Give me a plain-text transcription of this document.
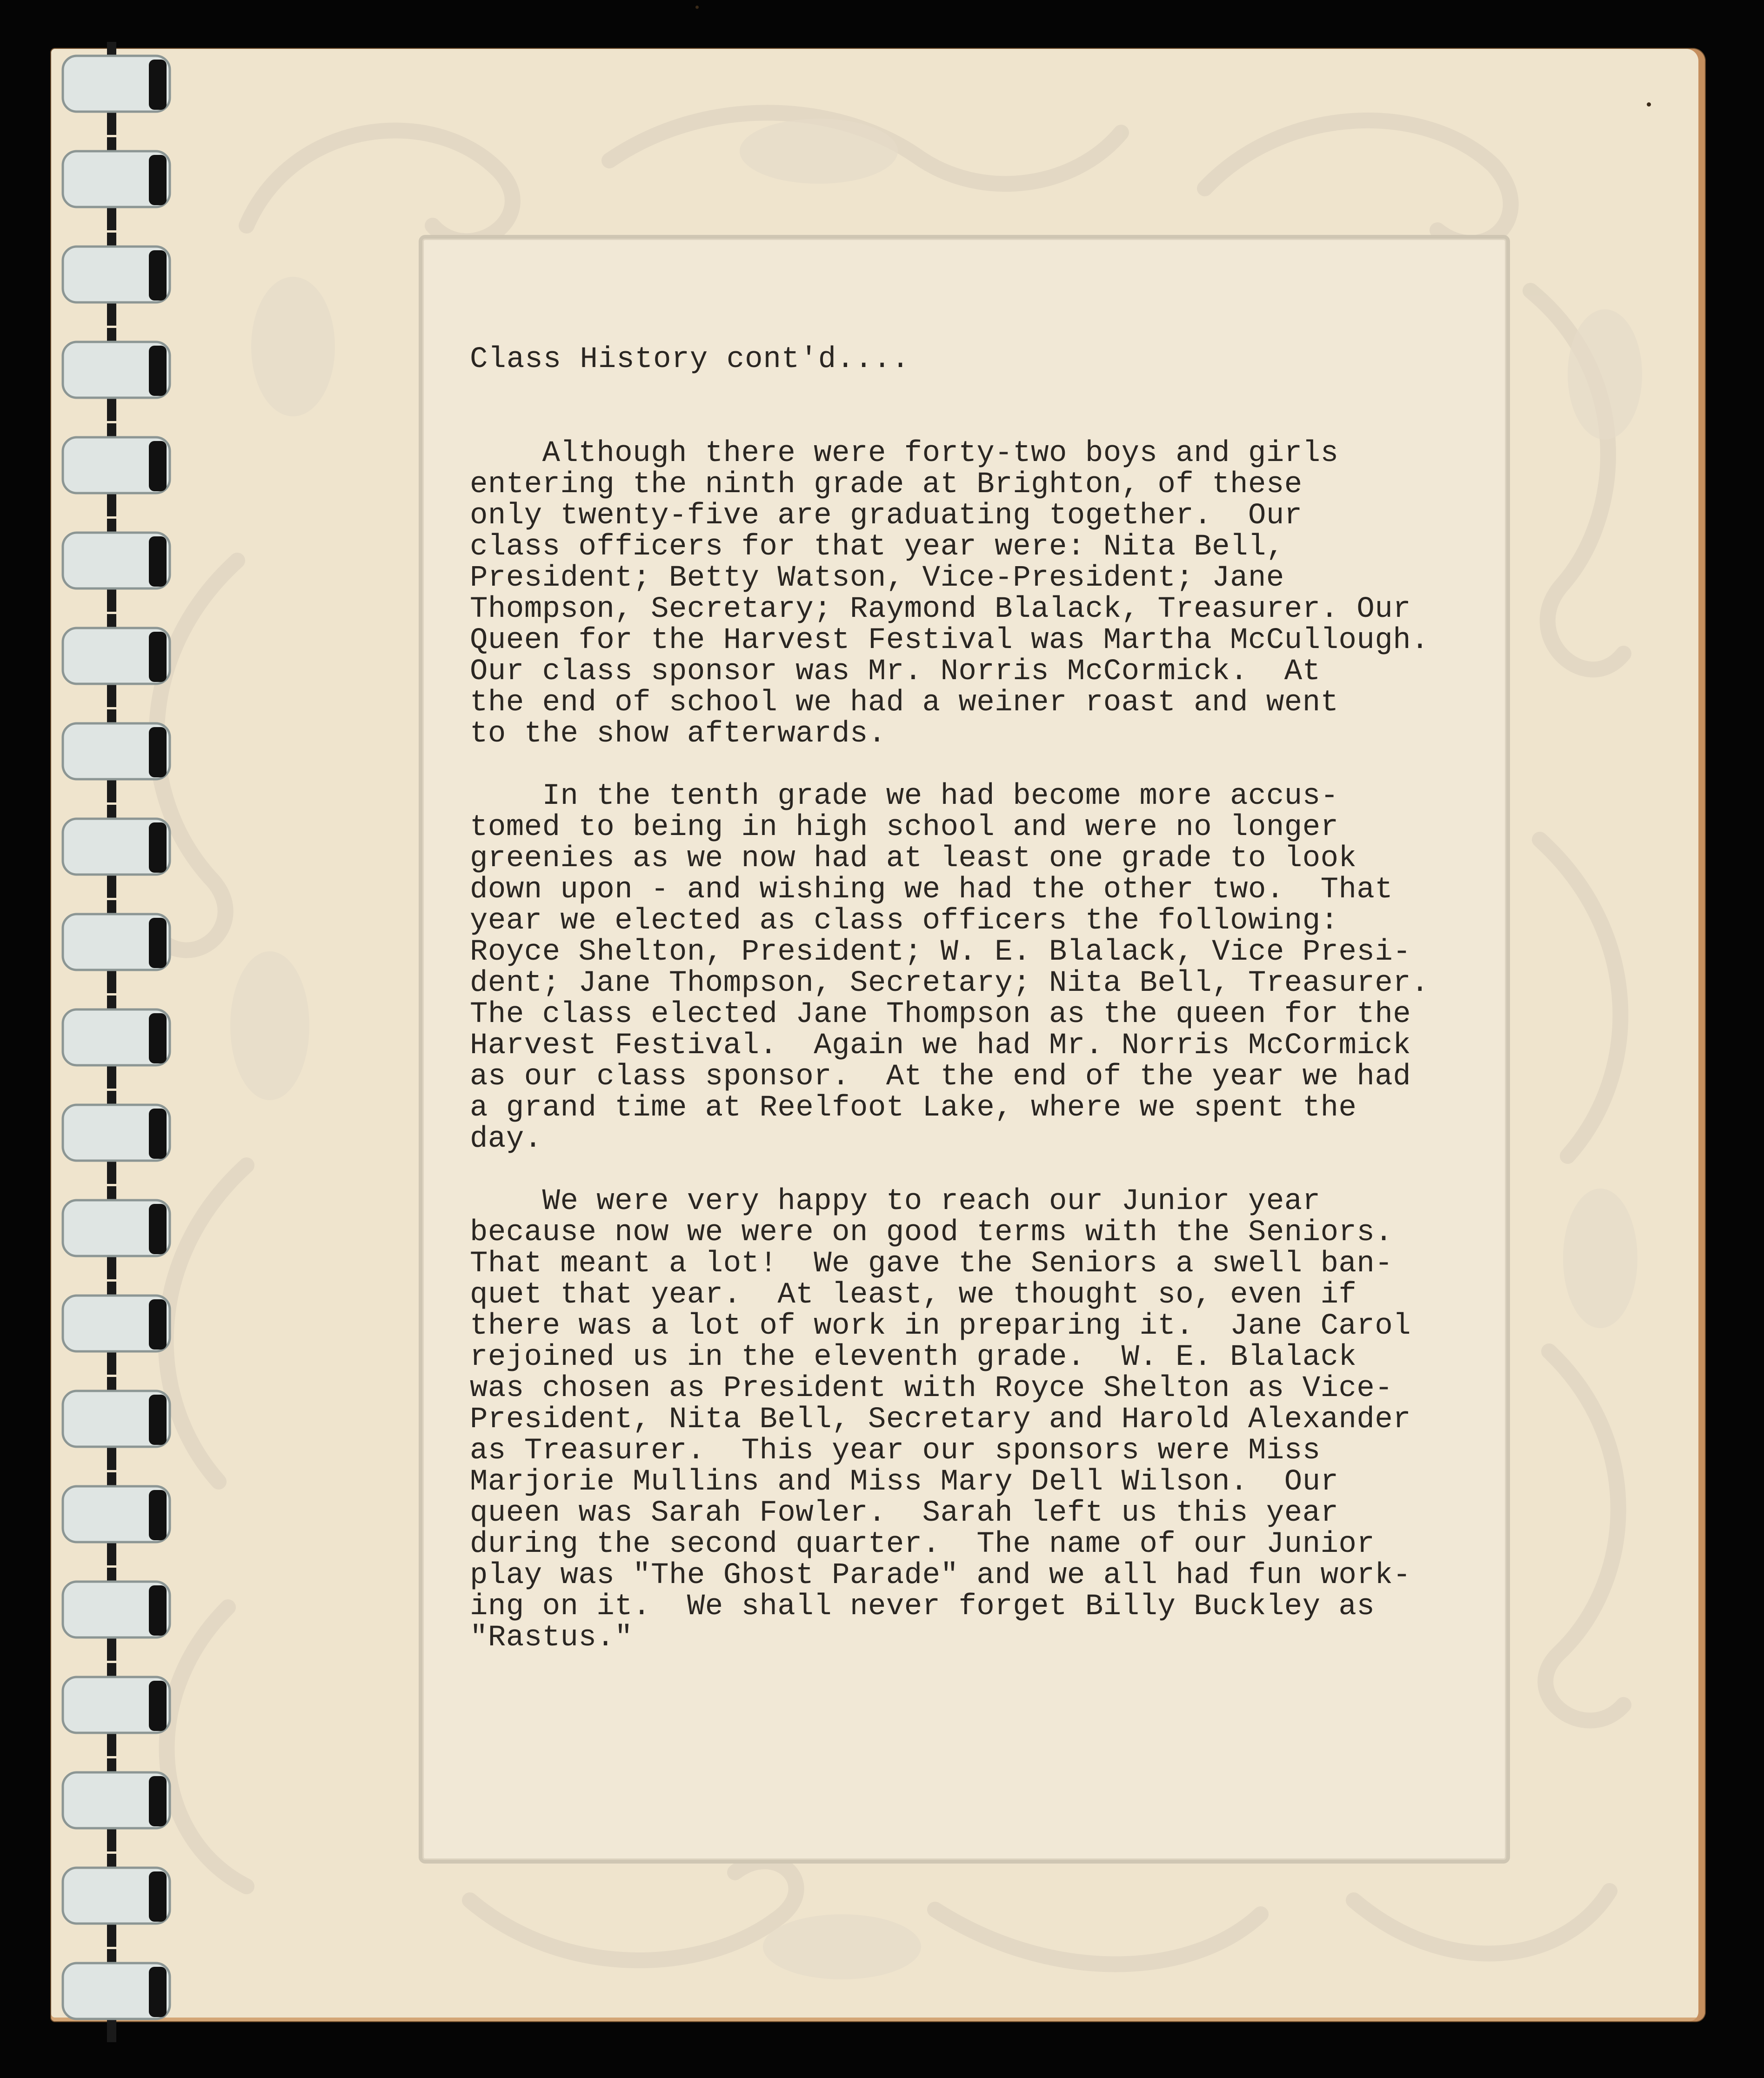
Class History cont'd....
Although there were forty-two boys and girls
entering the ninth grade at Brighton, of these
only twenty-five are graduating together.  Our
class officers for that year were: Nita Bell,
President; Betty Watson, Vice-President; Jane
Thompson, Secretary; Raymond Blalack, Treasurer. Our
Queen for the Harvest Festival was Martha McCullough.
Our class sponsor was Mr. Norris McCormick.  At
the end of school we had a weiner roast and went
to the show afterwards.
In the tenth grade we had become more accus-
tomed to being in high school and were no longer
greenies as we now had at least one grade to look
down upon - and wishing we had the other two.  That
year we elected as class officers the following:
Royce Shelton, President; W. E. Blalack, Vice Presi-
dent; Jane Thompson, Secretary; Nita Bell, Treasurer.
The class elected Jane Thompson as the queen for the
Harvest Festival.  Again we had Mr. Norris McCormick
as our class sponsor.  At the end of the year we had
a grand time at Reelfoot Lake, where we spent the
day.
We were very happy to reach our Junior year
because now we were on good terms with the Seniors.
That meant a lot!  We gave the Seniors a swell ban-
quet that year.  At least, we thought so, even if
there was a lot of work in preparing it.  Jane Carol
rejoined us in the eleventh grade.  W. E. Blalack
was chosen as President with Royce Shelton as Vice-
President, Nita Bell, Secretary and Harold Alexander
as Treasurer.  This year our sponsors were Miss
Marjorie Mullins and Miss Mary Dell Wilson.  Our
queen was Sarah Fowler.  Sarah left us this year
during the second quarter.  The name of our Junior
play was "The Ghost Parade" and we all had fun work-
ing on it.  We shall never forget Billy Buckley as
"Rastus."
